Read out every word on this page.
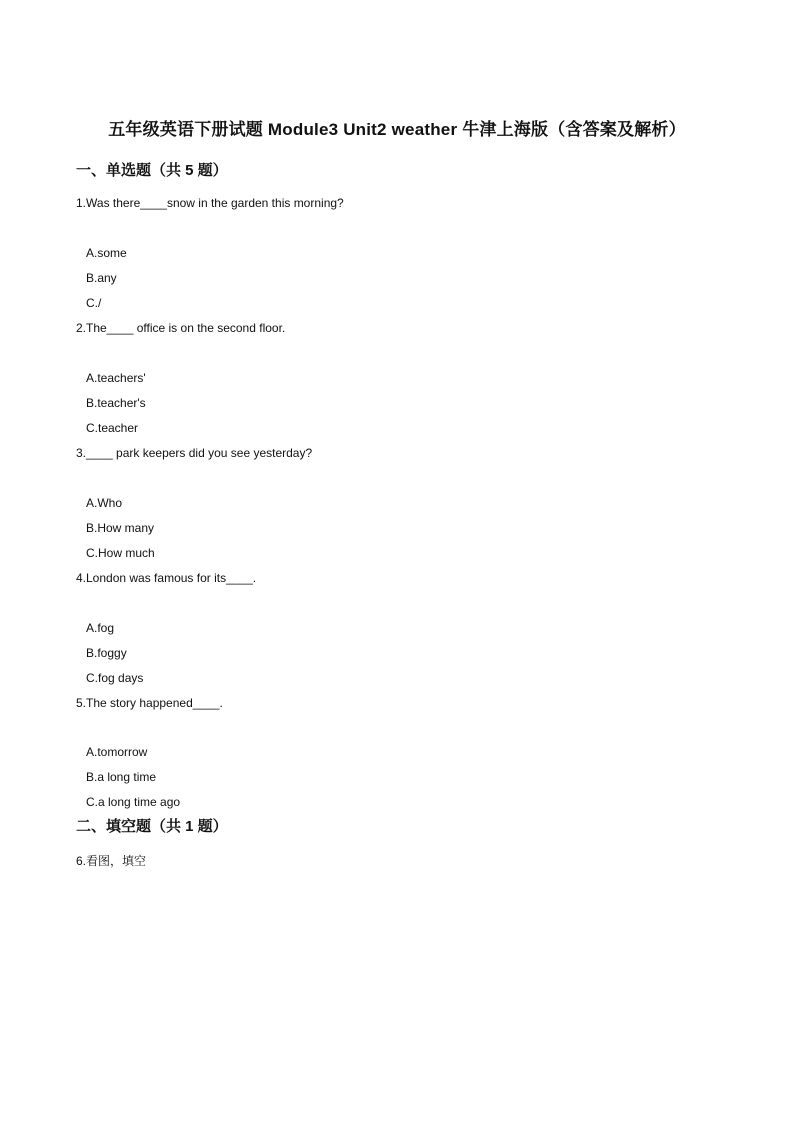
五年级英语下册试题 Module3 Unit2 weather 牛津上海版（含答案及解析）
一、单选题（共 5 题）
1.Was there____snow in the garden this morning?
A.some
B.any
C./
2.The____ office is on the second floor.
A.teachers'
B.teacher's
C.teacher
3.____ park keepers did you see yesterday?
A.Who
B.How many
C.How much
4.London was famous for its____.
A.fog
B.foggy
C.fog days
5.The story happened____.
A.tomorrow
B.a long time
C.a long time ago
二、填空题（共 1 题）
6.看图，填空
